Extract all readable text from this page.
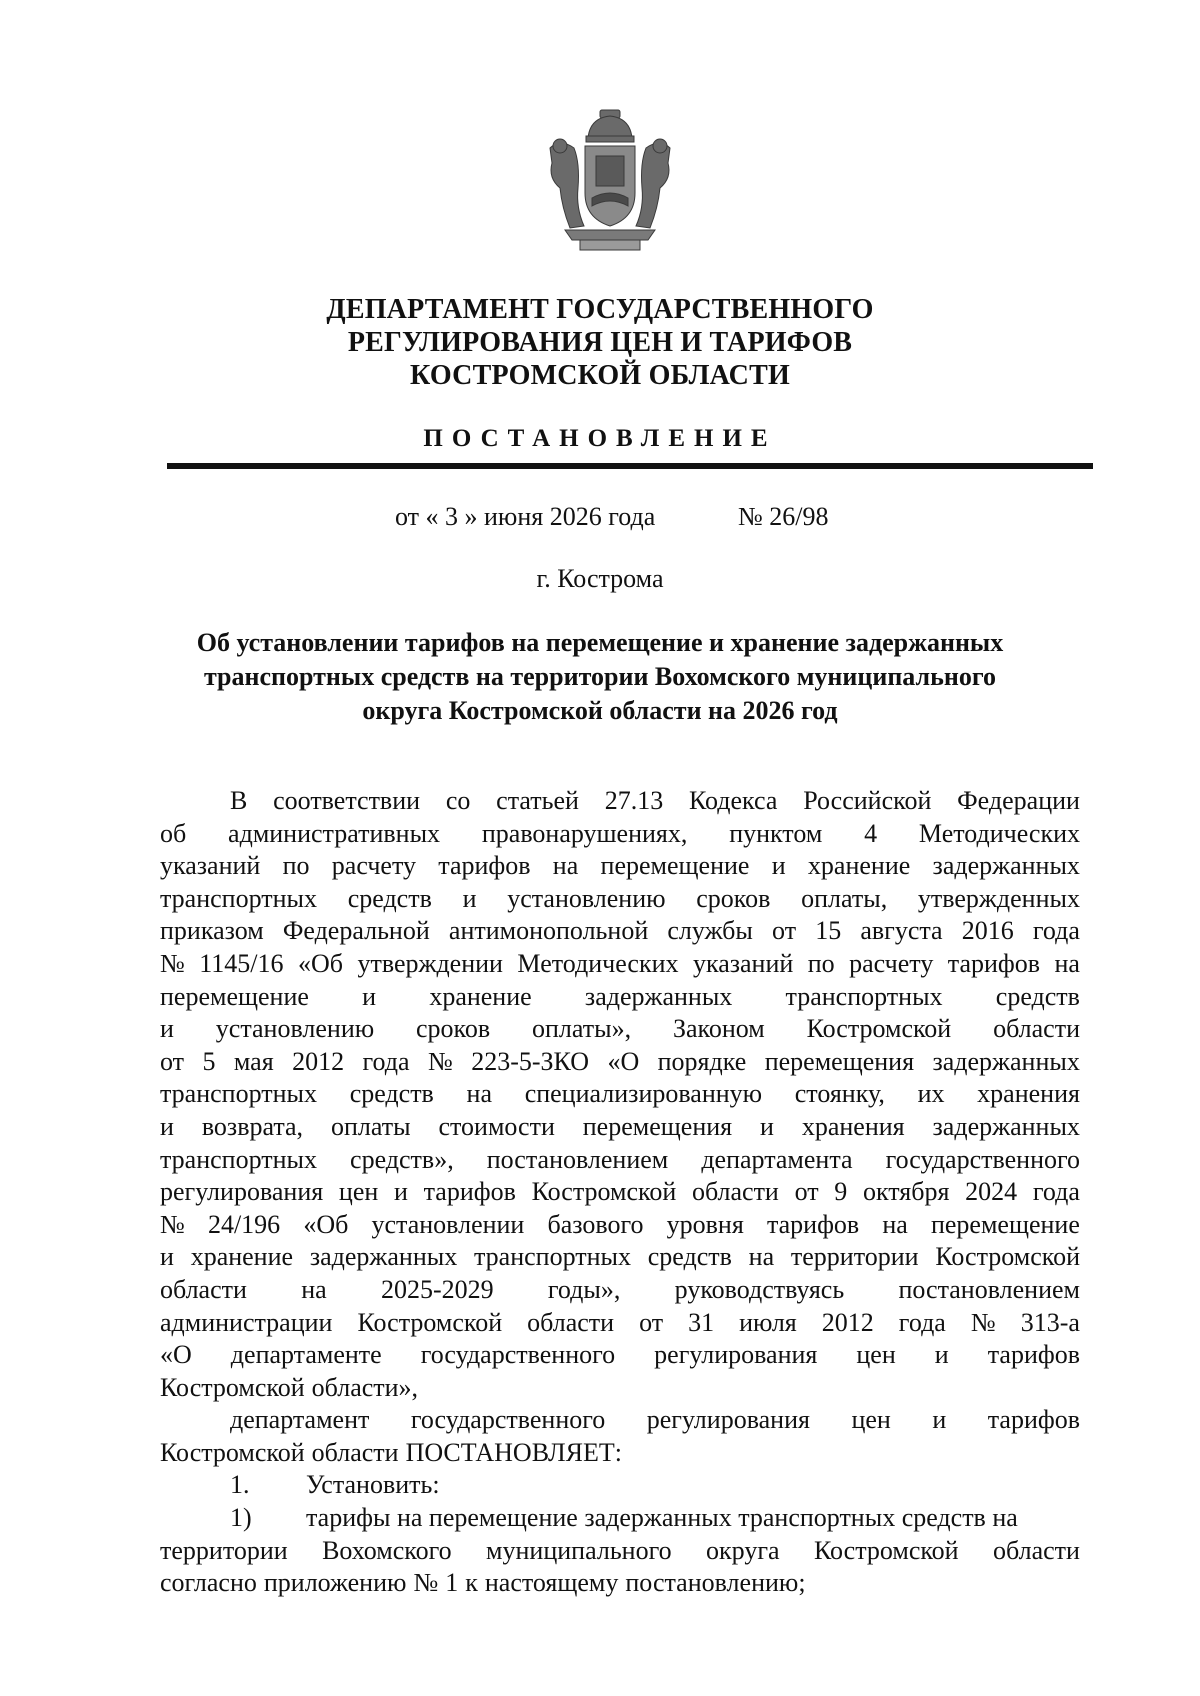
ДЕПАРТАМЕНТ ГОСУДАРСТВЕННОГО
РЕГУЛИРОВАНИЯ ЦЕН И ТАРИФОВ
КОСТРОМСКОЙ ОБЛАСТИ
ПОСТАНОВЛЕНИЕ
от « 3 » июня 2026 года	№ 26/98
г. Кострома
Об установлении тарифов на перемещение и хранение задержанных
транспортных средств на территории Вохомского муниципального
округа Костромской области на 2026 год
В соответствии со статьей 27.13 Кодекса Российской Федерации
об административных правонарушениях, пунктом 4 Методических
указаний по расчету тарифов на перемещение и хранение задержанных
транспортных средств и установлению сроков оплаты, утвержденных
приказом Федеральной антимонопольной службы от 15 августа 2016 года
№ 1145/16 «Об утверждении Методических указаний по расчету тарифов на
перемещение и хранение задержанных транспортных средств
и установлению сроков оплаты», Законом Костромской области
от 5 мая 2012 года № 223-5-ЗКО «О порядке перемещения задержанных
транспортных средств на специализированную стоянку, их хранения
и возврата, оплаты стоимости перемещения и хранения задержанных
транспортных средств», постановлением департамента государственного
регулирования цен и тарифов Костромской области от 9 октября 2024 года
№ 24/196 «Об установлении базового уровня тарифов на перемещение
и хранение задержанных транспортных средств на территории Костромской
области на 2025-2029 годы», руководствуясь постановлением
администрации Костромской области от 31 июля 2012 года № 313-а
«О департаменте государственного регулирования цен и тарифов
Костромской области»,
департамент государственного регулирования цен и тарифов
Костромской области ПОСТАНОВЛЯЕТ:
1. Установить:
1) тарифы на перемещение задержанных транспортных средств на
территории Вохомского муниципального округа Костромской области
согласно приложению № 1 к настоящему постановлению;
